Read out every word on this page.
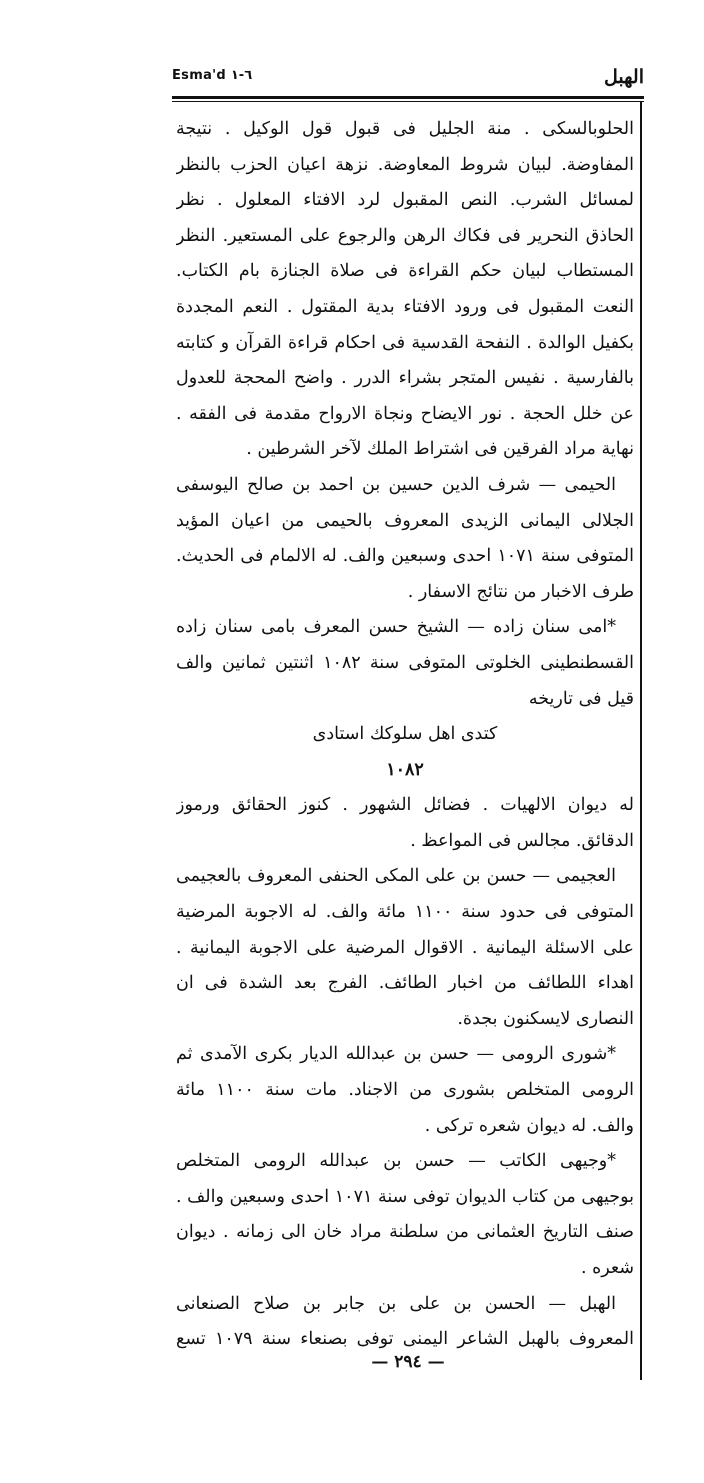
Esma'd ٦-١	الهبل

الحلوبالسكى . منة الجليل فى قبول قول الوكيل . نتيجة المفاوضة. لبيان شروط المعاوضة. نزهة اعيان الحزب بالنظر لمسائل الشرب. النص المقبول لرد الافتاء المعلول . نظر الحاذق النحرير فى فكاك الرهن والرجوع على المستعير. النظر المستطاب لبيان حكم القراءة فى صلاة الجنازة بام الكتاب. النعت المقبول فى ورود الافتاء بدية المقتول . النعم المجددة بكفيل الوالدة . النفحة القدسية فى احكام قراءة القرآن و كتابته بالفارسية . نفيس المتجر بشراء الدرر . واضح المحجة للعدول عن خلل الحجة . نور الايضاح ونجاة الارواح مقدمة فى الفقه . نهاية مراد الفرقين فى اشتراط الملك لآخر الشرطين .

الحيمى — شرف الدين حسين بن احمد بن صالح اليوسفى الجلالى اليمانى الزيدى المعروف بالحيمى من اعيان المؤيد المتوفى سنة ١٠٧١ احدى وسبعين والف. له الالمام فى الحديث. طرف الاخبار من نتائج الاسفار .

*امى سنان زاده — الشيخ حسن المعرف بامى سنان زاده القسطنطينى الخلوتى المتوفى سنة ١٠٨٢ اثنتين ثمانين والف قيل فى تاريخه

كتدى اهل سلوكك استادى

١٠٨٢

له ديوان الالهيات . فضائل الشهور . كنوز الحقائق ورموز الدقائق. مجالس فى المواعظ .

العجيمى — حسن بن على المكى الحنفى المعروف بالعجيمى المتوفى فى حدود سنة ١١٠٠ مائة والف. له الاجوبة المرضية على الاسئلة اليمانية . الاقوال المرضية على الاجوبة اليمانية . اهداء اللطائف من اخبار الطائف. الفرج بعد الشدة فى ان النصارى لايسكنون بجدة.

*شورى الرومى — حسن بن عبدالله الديار بكرى الآمدى ثم الرومى المتخلص بشورى من الاجناد. مات سنة ١١٠٠ مائة والف. له ديوان شعره تركى .

*وجيهى الكاتب — حسن بن عبدالله الرومى المتخلص بوجيهى من كتاب الديوان توفى سنة ١٠٧١ احدى وسبعين والف . صنف التاريخ العثمانى من سلطنة مراد خان الى زمانه . ديوان شعره .

الهبل — الحسن بن على بن جابر بن صلاح الصنعانى المعروف بالهبل الشاعر اليمنى توفى بصنعاء سنة ١٠٧٩ تسع

— ٢٩٤ —
